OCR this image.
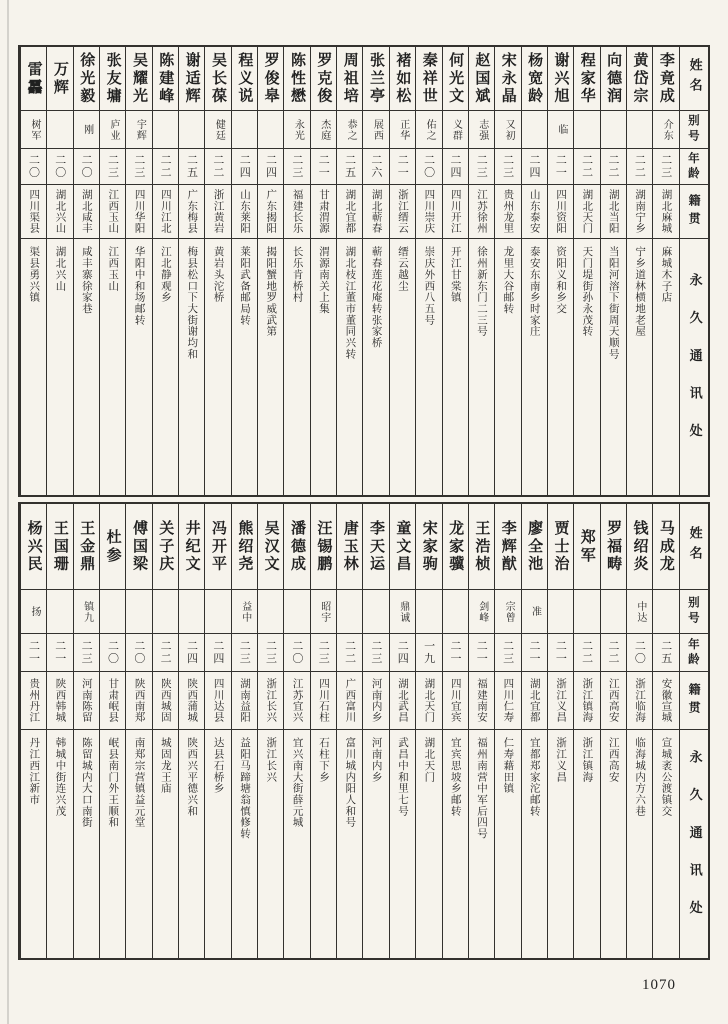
姓名
别号
年龄
籍贯
永久通讯处
李竟成
介东
二三
湖北麻城
麻城木子店
黄岱宗
二二
湖南宁乡
宁乡道林横地老屋
向德润
二二
湖北当阳
当阳河溶下街周天顺号
程家华
二二
湖北天门
天门堤街孙永茂转
谢兴旭
临
二一
四川资阳
资阳义和乡交
杨宽龄
二四
山东泰安
泰安东南乡时家庄
宋永晶
又初
二三
贵州龙里
龙里大谷邮转
赵国斌
志强
二三
江苏徐州
徐州新东门二三号
何光文
义群
二四
四川开江
开江甘棠镇
秦祥世
佑之
二〇
四川崇庆
崇庆外西八五号
褚如松
正华
二一
浙江缙云
缙云越尘
张兰亭
展西
二六
湖北蕲春
蕲春莲花庵转张家桥
周祖培
恭之
二五
湖北宜都
湖北枝江董市董同兴转
罗克俊
杰庭
二一
甘肃渭源
渭源南关上集
陈性懋
永光
二三
福建长乐
长乐肯桥村
罗俊皋
二四
广东揭阳
揭阳蟹地罗威武第
程义说
二四
山东莱阳
莱阳武备邮局转
吴长葆
健廷
二二
浙江黄岩
黄岩头沱桥
谢适辉
二五
广东梅县
梅县松口下大街谢均和
陈建峰
二二
四川江北
江北静观乡
吴耀光
宇辉
二三
四川华阳
华阳中和场邮转
张友墉
庐业
二三
江西玉山
江西玉山
徐光毅
刚
二〇
湖北咸丰
咸丰寨徐家巷
万辉
二〇
湖北兴山
湖北兴山
雷靐
树军
二〇
四川渠县
渠县勇兴镇
姓名
别号
年龄
籍贯
永久通讯处
马成龙
二五
安徽宣城
宣城袤公渡镇交
钱绍炎
中达
二〇
浙江临海
临海城内方六巷
罗福畴
二二
江西高安
江西高安
郑军
二二
浙江镇海
浙江镇海
贾士治
二一
浙江义昌
浙江义昌
廖全池
准
二一
湖北宜都
宜都郑家沱邮转
李辉猷
宗曾
二三
四川仁寿
仁寿藉田镇
王浩桢
剑峰
二一
福建南安
福州南营中军后四号
龙家骥
二一
四川宜宾
宜宾思坡乡邮转
宋家驹
一九
湖北天门
湖北天门
童文昌
鼎诚
二四
湖北武昌
武昌中和里七号
李天运
二三
河南内乡
河南内乡
唐玉林
二二
广西富川
富川城内阳人和号
汪锡鹏
昭宇
二三
四川石柱
石柱下乡
潘德成
二〇
江苏宜兴
宜兴南大街薛元城
吴汉文
二三
浙江长兴
浙江长兴
熊绍尧
益中
二三
湖南益阳
益阳马蹄塘翁慎修转
冯开平
二四
四川达县
达县石桥乡
井纪文
二四
陕西蒲城
陕西兴平德兴和
关子庆
二二
陕西城固
城固龙王庙
傅国梁
二〇
陕西南郑
南郑宗营镇益元堂
杜参
二〇
甘肃岷县
岷县南门外王顺和
王金鼎
镇九
二三
河南陈留
陈留城内大口南街
王国珊
二一
陕西韩城
韩城中街连兴茂
杨兴民
扬
二一
贵州丹江
丹江西江新市
1070
